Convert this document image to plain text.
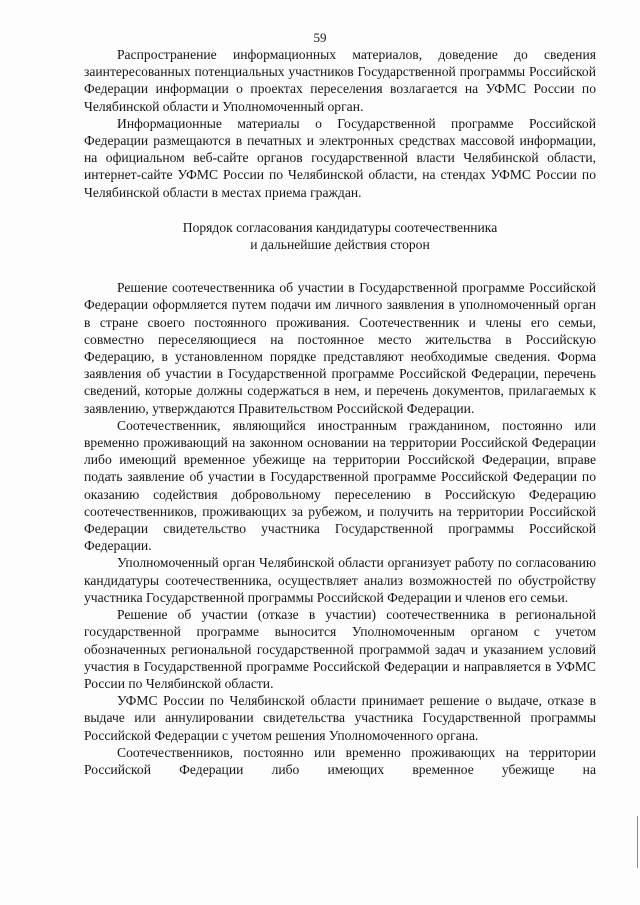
59

Распространение информационных материалов, доведение до сведения заинтересованных потенциальных участников Государственной программы Российской Федерации информации о проектах переселения возлагается на УФМС России по Челябинской области и Уполномоченный орган.

Информационные материалы о Государственной программе Российской Федерации размещаются в печатных и электронных средствах массовой информации, на официальном веб-сайте органов государственной власти Челябинской области, интернет-сайте УФМС России по Челябинской области, на стендах УФМС России по Челябинской области в местах приема граждан.

Порядок согласования кандидатуры соотечественника
и дальнейшие действия сторон

Решение соотечественника об участии в Государственной программе Российской Федерации оформляется путем подачи им личного заявления в уполномоченный орган в стране своего постоянного проживания. Соотечественник и члены его семьи, совместно переселяющиеся на постоянное место жительства в Российскую Федерацию, в установленном порядке представляют необходимые сведения. Форма заявления об участии в Государственной программе Российской Федерации, перечень сведений, которые должны содержаться в нем, и перечень документов, прилагаемых к заявлению, утверждаются Правительством Российской Федерации.

Соотечественник, являющийся иностранным гражданином, постоянно или временно проживающий на законном основании на территории Российской Федерации либо имеющий временное убежище на территории Российской Федерации, вправе подать заявление об участии в Государственной программе Российской Федерации по оказанию содействия добровольному переселению в Российскую Федерацию соотечественников, проживающих за рубежом, и получить на территории Российской Федерации свидетельство участника Государственной программы Российской Федерации.

Уполномоченный орган Челябинской области организует работу по согласованию кандидатуры соотечественника, осуществляет анализ возможностей по обустройству участника Государственной программы Российской Федерации и членов его семьи.

Решение об участии (отказе в участии) соотечественника в региональной государственной программе выносится Уполномоченным органом с учетом обозначенных региональной государственной программой задач и указанием условий участия в Государственной программе Российской Федерации и направляется в УФМС России по Челябинской области.

УФМС России по Челябинской области принимает решение о выдаче, отказе в выдаче или аннулировании свидетельства участника Государственной программы Российской Федерации с учетом решения Уполномоченного органа.

Соотечественников, постоянно или временно проживающих на территории Российской Федерации либо имеющих временное убежище на
